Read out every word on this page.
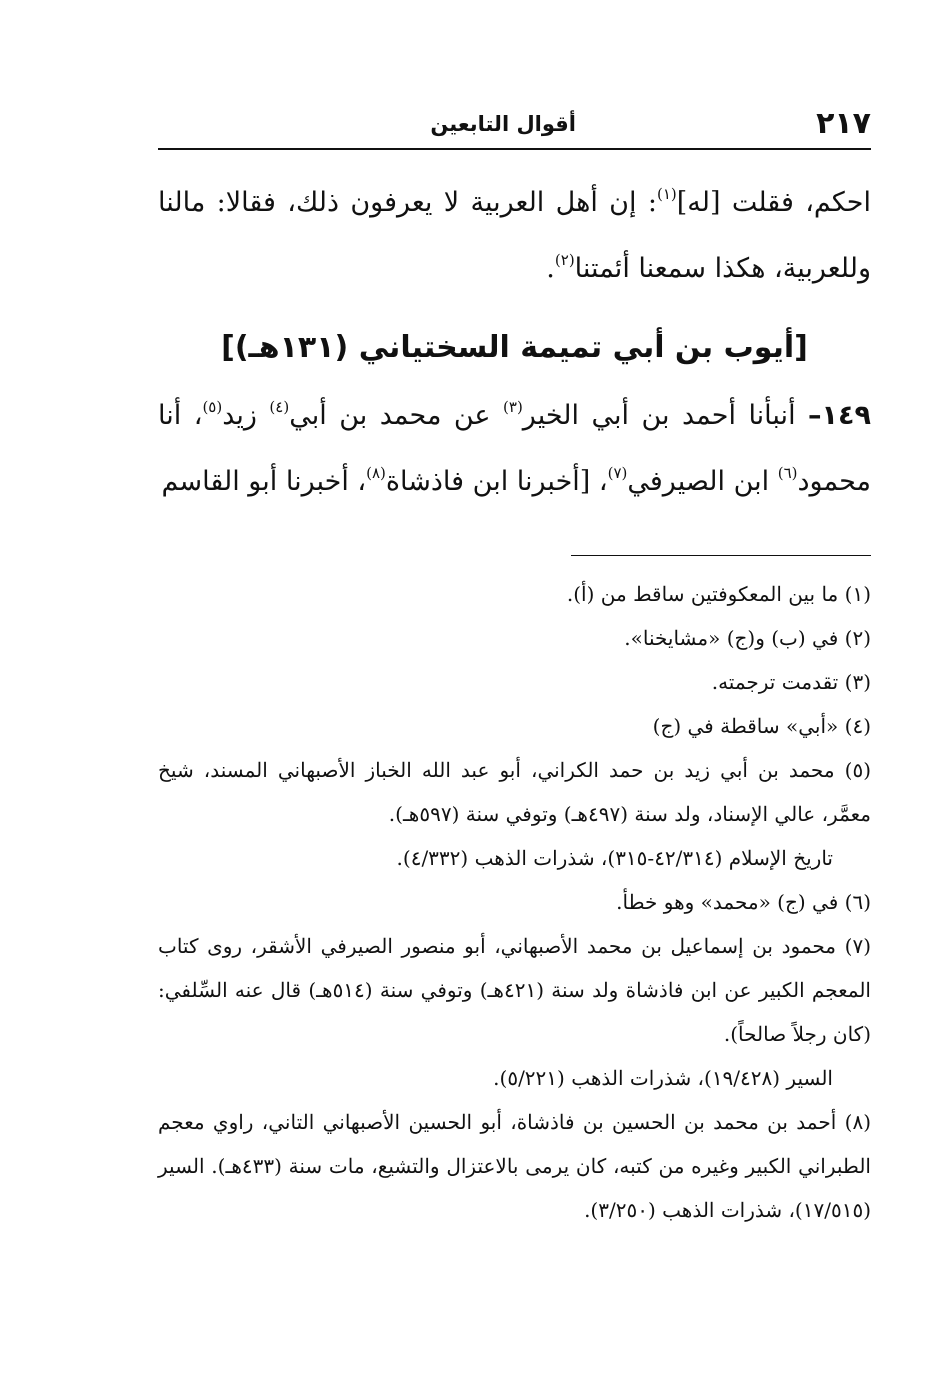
٢١٧
أقوال التابعين

احكم، فقلت [له]$^{(١)}$: إن أهل العربية لا يعرفون ذلك، فقالا: مالنا وللعربية، هكذا سمعنا أئمتنا$^{(٢)}$.

[أيوب بن أبي تميمة السختياني (١٣١هـ)]

١٤٩– أنبأنا أحمد بن أبي الخير$^{(٣)}$ عن محمد بن أبي$^{(٤)}$ زيد$^{(٥)}$، أنا محمود$^{(٦)}$ ابن الصيرفي$^{(٧)}$، [أخبرنا ابن فاذشاة$^{(٨)}$، أخبرنا أبو القاسم

(١) ما بين المعكوفتين ساقط من (أ).
(٢) في (ب) و(ج) «مشايخنا».
(٣) تقدمت ترجمته.
(٤) «أبي» ساقطة في (ج)
(٥) محمد بن أبي زيد بن حمد الكراني، أبو عبد الله الخباز الأصبهاني المسند، شيخ معمَّر، عالي الإسناد، ولد سنة (٤٩٧هـ) وتوفي سنة (٥٩٧هـ).
تاريخ الإسلام (٤٢/٣١٤-٣١٥)، شذرات الذهب (٤/٣٣٢).
(٦) في (ج) «محمد» وهو خطأ.
(٧) محمود بن إسماعيل بن محمد الأصبهاني، أبو منصور الصيرفي الأشقر، روى كتاب المعجم الكبير عن ابن فاذشاة ولد سنة (٤٢١هـ) وتوفي سنة (٥١٤هـ) قال عنه السِّلفي: (كان رجلاً صالحاً).
السير (١٩/٤٢٨)، شذرات الذهب (٥/٢٢١).
(٨) أحمد بن محمد بن الحسين بن فاذشاة، أبو الحسين الأصبهاني التاني، راوي معجم الطبراني الكبير وغيره من كتبه، كان يرمى بالاعتزال والتشيع، مات سنة (٤٣٣هـ). السير (١٧/٥١٥)، شذرات الذهب (٣/٢٥٠).
